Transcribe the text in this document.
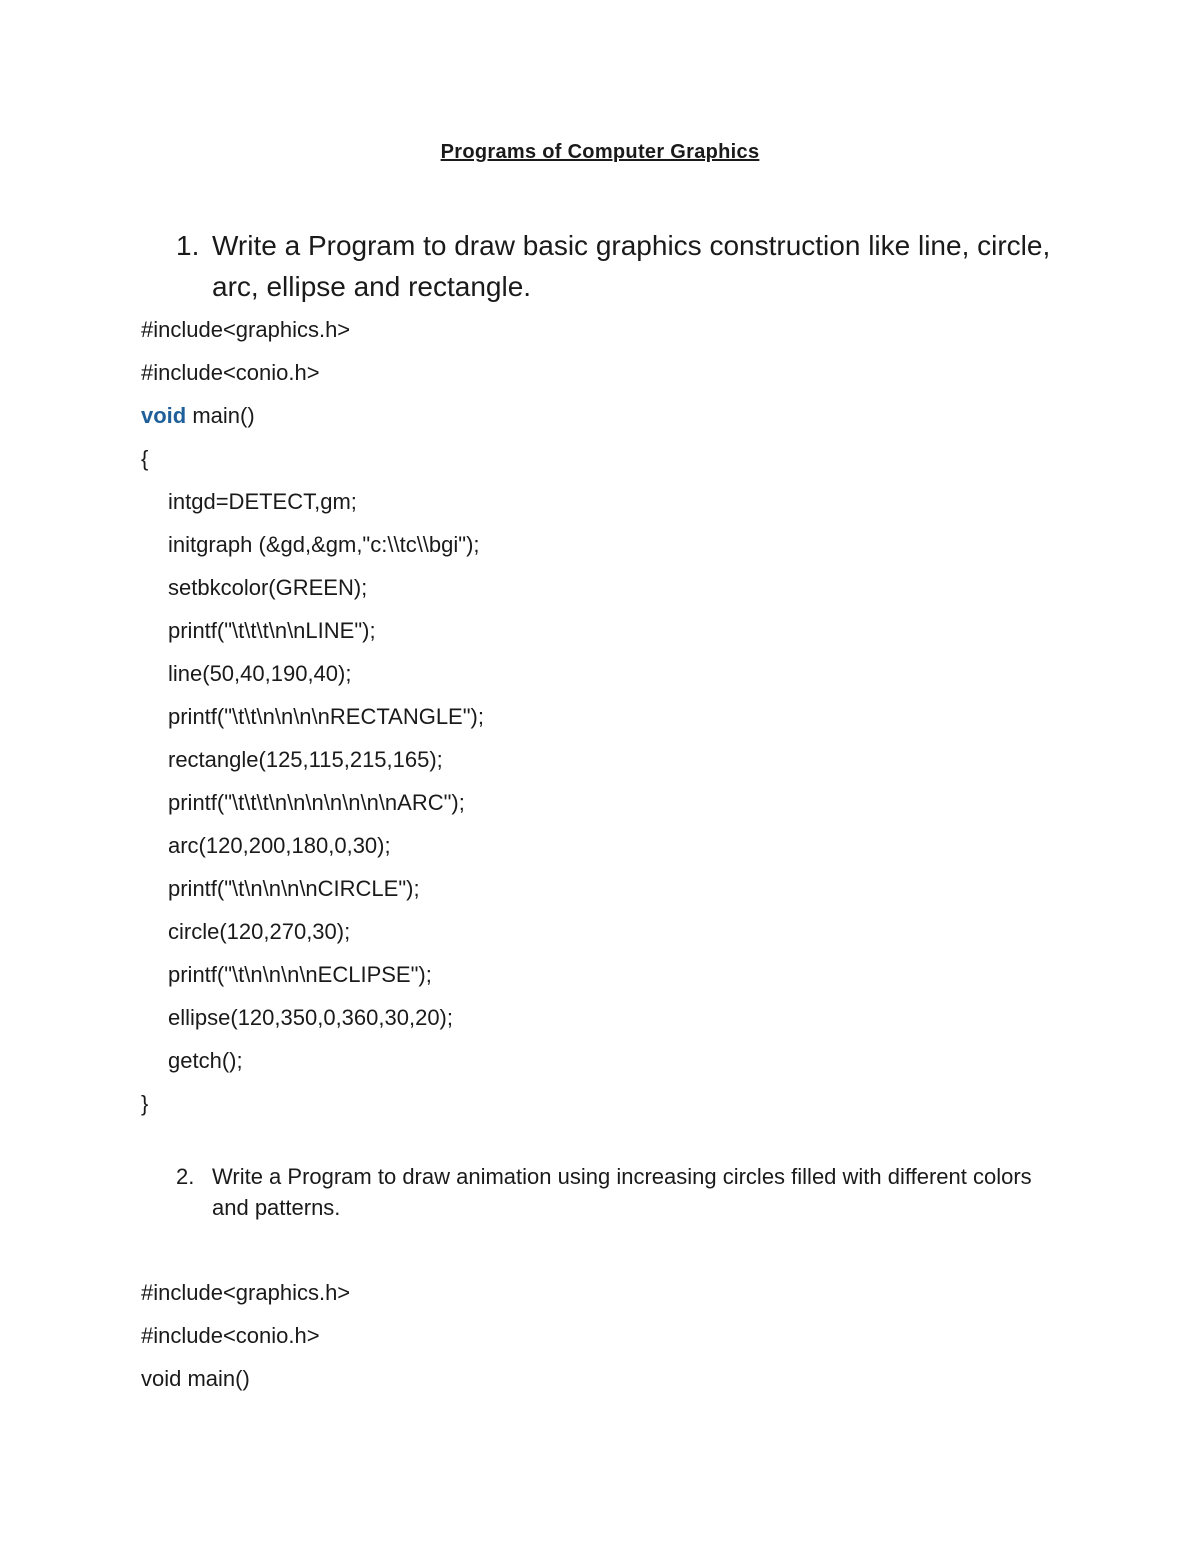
Programs of Computer Graphics
1. Write a Program to draw basic graphics construction like line, circle, arc, ellipse and rectangle.
#include<graphics.h>
#include<conio.h>
void main()
{
intgd=DETECT,gm;
initgraph (&gd,&gm,"c:\\tc\\bgi");
setbkcolor(GREEN);
printf("\t\t\t\n\nLINE");
line(50,40,190,40);
printf("\t\t\n\n\n\nRECTANGLE");
rectangle(125,115,215,165);
printf("\t\t\t\n\n\n\n\n\n\nARC");
arc(120,200,180,0,30);
printf("\t\n\n\n\nCIRCLE");
circle(120,270,30);
printf("\t\n\n\n\nECLIPSE");
ellipse(120,350,0,360,30,20);
getch();
}
2. Write a Program to draw animation using increasing circles filled with different colors and patterns.
#include<graphics.h>
#include<conio.h>
void main()
